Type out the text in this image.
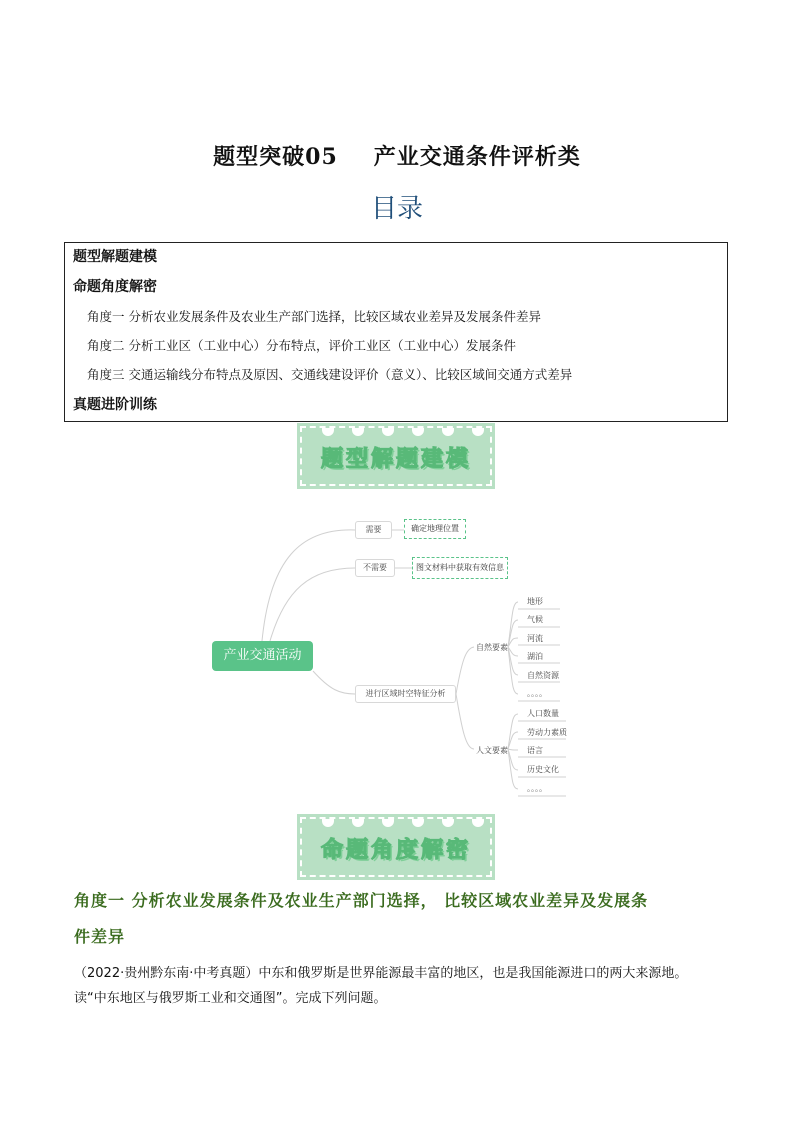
题型突破05 产业交通条件评析类
目录
题型解题建模
命题角度解密
角度一 分析农业发展条件及农业生产部门选择，比较区域农业差异及发展条件差异
角度二 分析工业区（工业中心）分布特点，评价工业区（工业中心）发展条件
角度三 交通运输线分布特点及原因、交通线建设评价（意义）、比较区域间交通方式差异
真题进阶训练
题型解题建模
产业交通活动
需要	确定地理位置
不需要	图文材料中获取有效信息
进行区域时空特征分析
自然要素
地形
气候
河流
湖泊
自然资源
。。。。
人文要素
人口数量
劳动力素质
语言
历史文化
。。。。
命题角度解密
角度一 分析农业发展条件及农业生产部门选择， 比较区域农业差异及发展条
件差异
（2022·贵州黔东南·中考真题）中东和俄罗斯是世界能源最丰富的地区，也是我国能源进口的两大来源地。
读“中东地区与俄罗斯工业和交通图”。完成下列问题。
